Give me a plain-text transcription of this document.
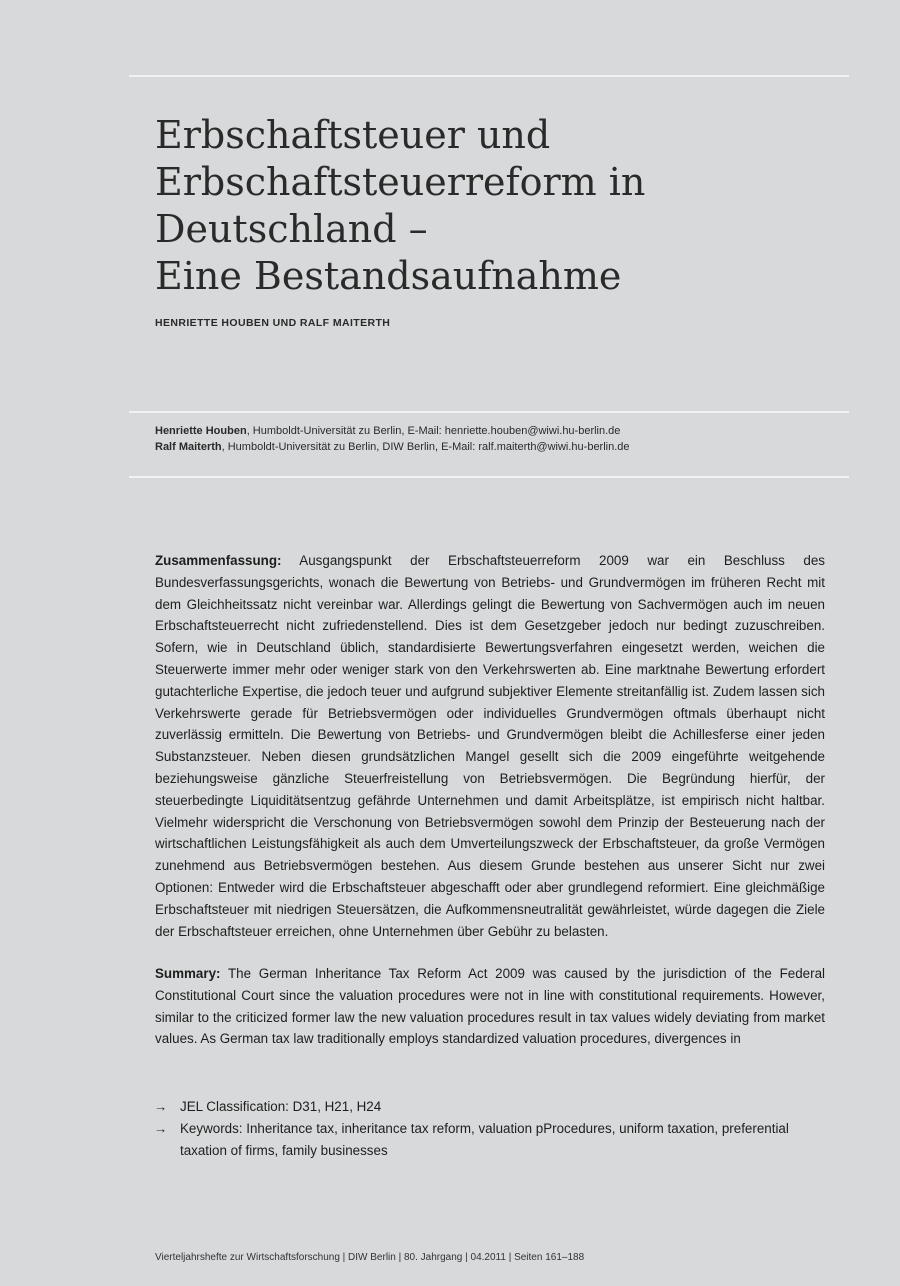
Erbschaftsteuer und
Erbschaftsteuerreform in
Deutschland –
Eine Bestandsaufnahme

HENRIETTE HOUBEN UND RALF MAITERTH

Henriette Houben, Humboldt-Universität zu Berlin, E-Mail: henriette.houben@wiwi.hu-berlin.de
Ralf Maiterth, Humboldt-Universität zu Berlin, DIW Berlin, E-Mail: ralf.maiterth@wiwi.hu-berlin.de

Zusammenfassung: Ausgangspunkt der Erbschaftsteuerreform 2009 war ein Beschluss des Bundesverfassungsgerichts, wonach die Bewertung von Betriebs- und Grundvermögen im früheren Recht mit dem Gleichheitssatz nicht vereinbar war. Allerdings gelingt die Bewertung von Sachvermögen auch im neuen Erbschaftsteuerrecht nicht zufriedenstellend. Dies ist dem Gesetzgeber jedoch nur bedingt zuzuschreiben. Sofern, wie in Deutschland üblich, standardisierte Bewertungsverfahren eingesetzt werden, weichen die Steuerwerte immer mehr oder weniger stark von den Verkehrswerten ab. Eine marktnahe Bewertung erfordert gutachterliche Expertise, die jedoch teuer und aufgrund subjektiver Elemente streitanfällig ist. Zudem lassen sich Verkehrswerte gerade für Betriebsvermögen oder individuelles Grundvermögen oftmals überhaupt nicht zuverlässig ermitteln. Die Bewertung von Betriebs- und Grundvermögen bleibt die Achillesferse einer jeden Substanzsteuer. Neben diesen grundsätzlichen Mangel gesellt sich die 2009 eingeführte weitgehende beziehungsweise gänzliche Steuerfreistellung von Betriebsvermögen. Die Begründung hierfür, der steuerbedingte Liquiditätsentzug gefährde Unternehmen und damit Arbeitsplätze, ist empirisch nicht haltbar. Vielmehr widerspricht die Verschonung von Betriebsvermögen sowohl dem Prinzip der Besteuerung nach der wirtschaftlichen Leistungsfähigkeit als auch dem Umverteilungszweck der Erbschaftsteuer, da große Vermögen zunehmend aus Betriebsvermögen bestehen. Aus diesem Grunde bestehen aus unserer Sicht nur zwei Optionen: Entweder wird die Erbschaftsteuer abgeschafft oder aber grundlegend reformiert. Eine gleichmäßige Erbschaftsteuer mit niedrigen Steuersätzen, die Aufkommensneutralität gewährleistet, würde dagegen die Ziele der Erbschaftsteuer erreichen, ohne Unternehmen über Gebühr zu belasten.

Summary: The German Inheritance Tax Reform Act 2009 was caused by the jurisdiction of the Federal Constitutional Court since the valuation procedures were not in line with constitutional requirements. However, similar to the criticized former law the new valuation procedures result in tax values widely deviating from market values. As German tax law traditionally employs standardized valuation procedures, divergences in

→ JEL Classification: D31, H21, H24
→ Keywords: Inheritance tax, inheritance tax reform, valuation pProcedures, uniform taxation, preferential taxation of firms, family businesses
Vierteljahrshefte zur Wirtschaftsforschung | DIW Berlin | 80. Jahrgang | 04.2011 | Seiten 161–188
